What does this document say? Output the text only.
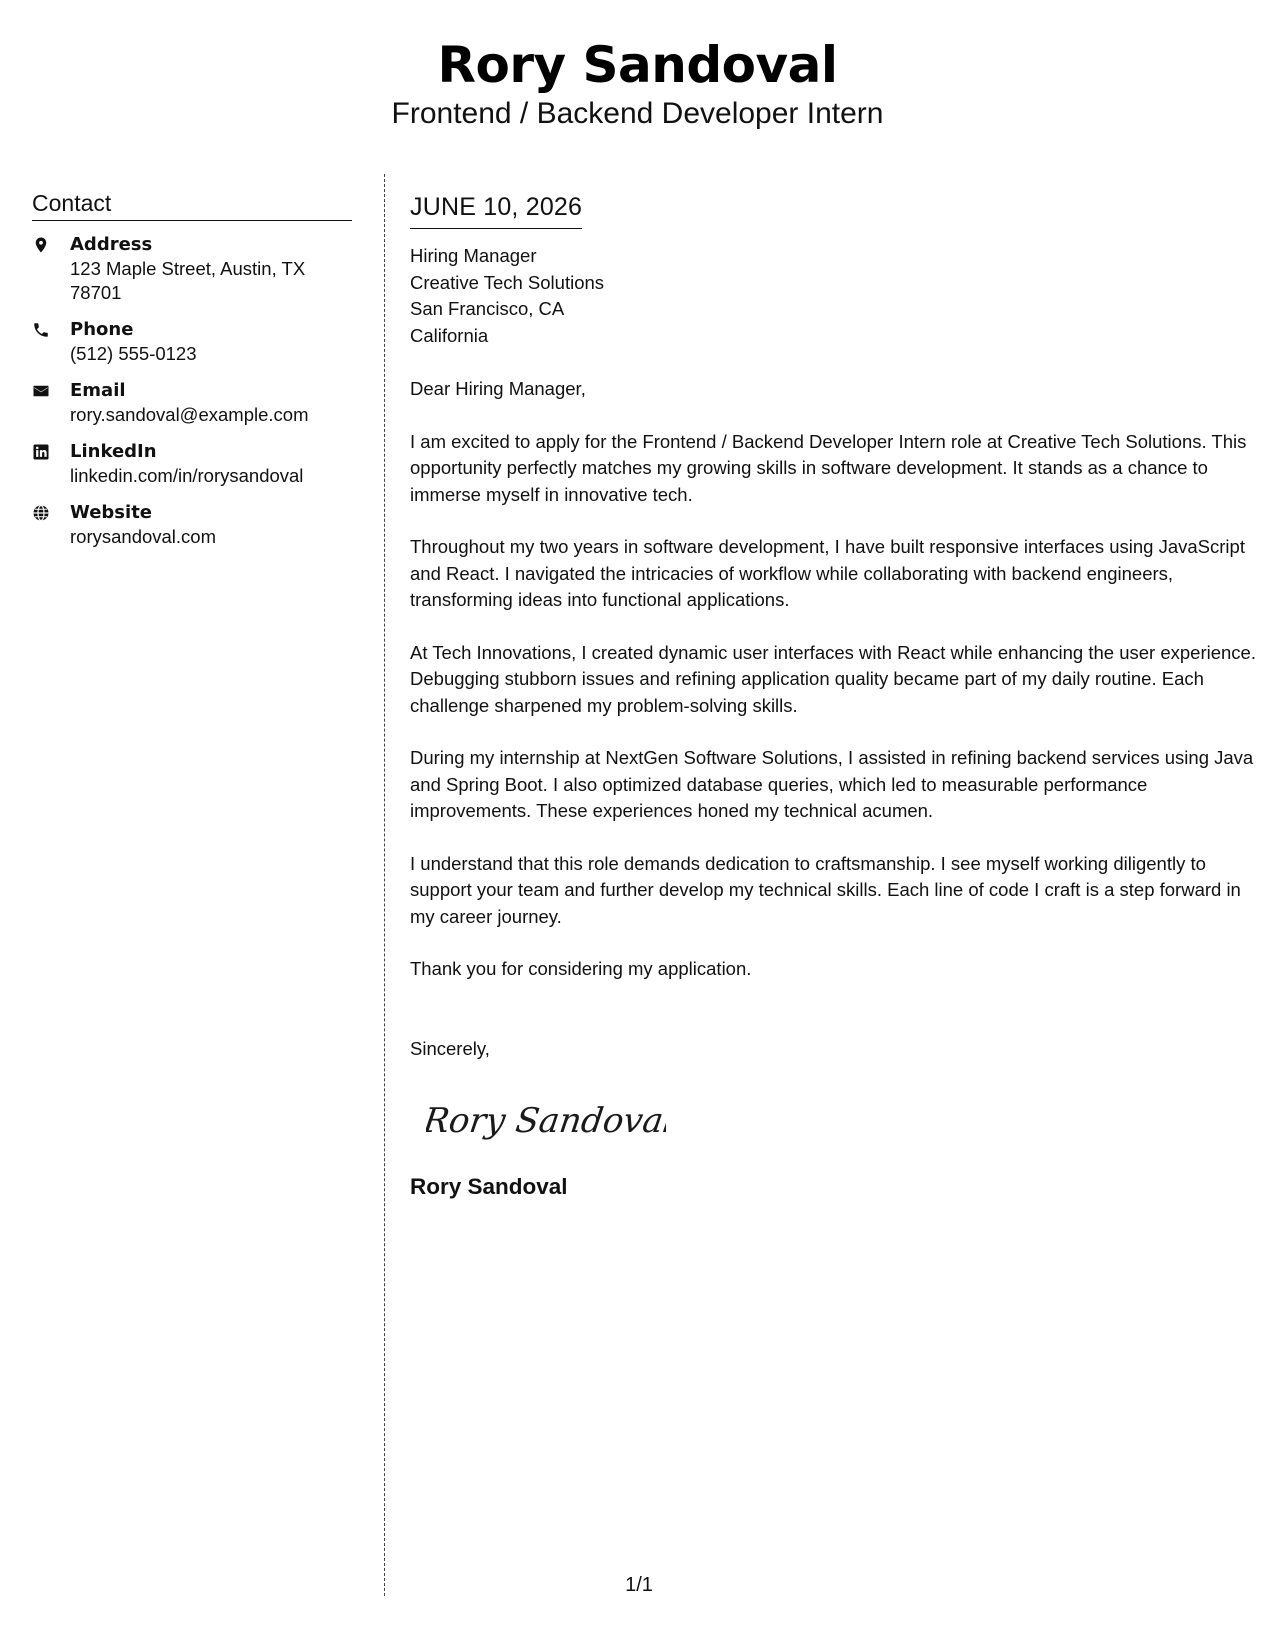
Rory Sandoval
Frontend / Backend Developer Intern
Contact
Address
123 Maple Street, Austin, TX 78701
Phone
(512) 555-0123
Email
rory.sandoval@example.com
LinkedIn
linkedin.com/in/rorysandoval
Website
rorysandoval.com
JUNE 10, 2026
Hiring Manager
Creative Tech Solutions
San Francisco, CA
California
Dear Hiring Manager,
I am excited to apply for the Frontend / Backend Developer Intern role at Creative Tech Solutions. This opportunity perfectly matches my growing skills in software development. It stands as a chance to immerse myself in innovative tech.
Throughout my two years in software development, I have built responsive interfaces using JavaScript and React. I navigated the intricacies of workflow while collaborating with backend engineers, transforming ideas into functional applications.
At Tech Innovations, I created dynamic user interfaces with React while enhancing the user experience. Debugging stubborn issues and refining application quality became part of my daily routine. Each challenge sharpened my problem-solving skills.
During my internship at NextGen Software Solutions, I assisted in refining backend services using Java and Spring Boot. I also optimized database queries, which led to measurable performance improvements. These experiences honed my technical acumen.
I understand that this role demands dedication to craftsmanship. I see myself working diligently to support your team and further develop my technical skills. Each line of code I craft is a step forward in my career journey.
Thank you for considering my application.
Sincerely,
Rory Sandoval
Rory Sandoval
1/1
